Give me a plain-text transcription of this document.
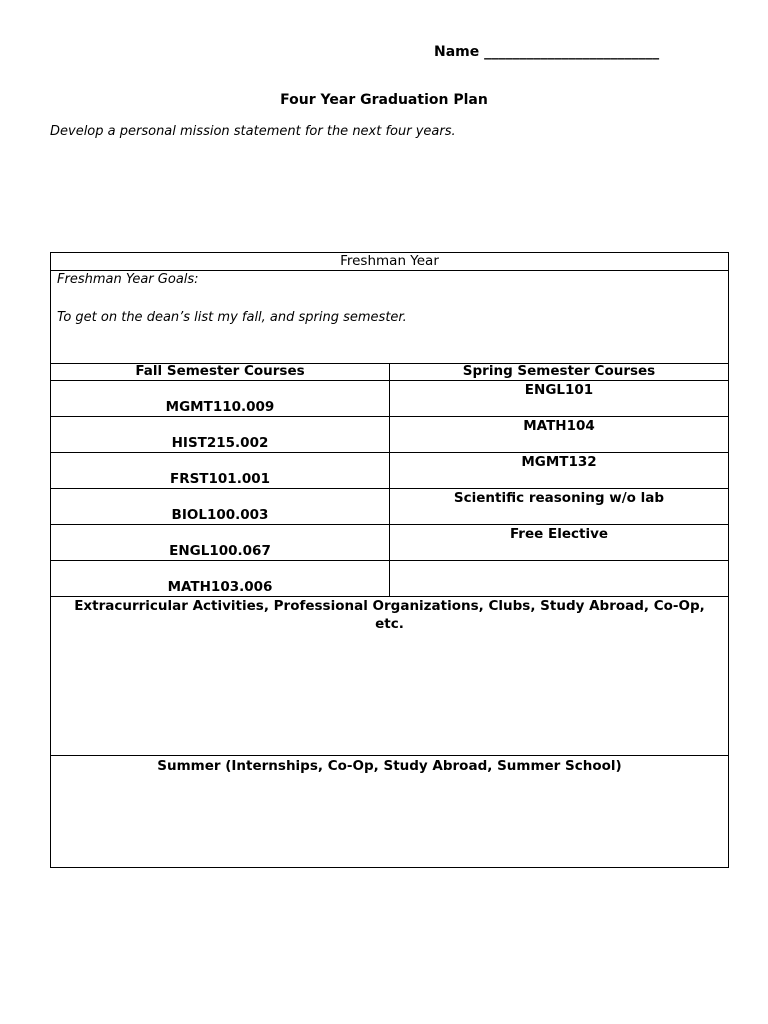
Name _________________________
Four Year Graduation Plan
Develop a personal mission statement for the next four years.
Freshman Year	

Freshman Year Goals:
To get on the dean’s list my fall, and spring semester.	

Fall Semester Courses	Spring Semester Courses

MGMT110.009	ENGL101

HIST215.002	MATH104

FRST101.001	MGMT132

BIOL100.003	Scientific reasoning w/o lab

ENGL100.067	Free Elective

MATH103.006	

Extracurricular Activities, Professional Organizations, Clubs, Study Abroad, Co-Op, etc.	

Summer (Internships, Co-Op, Study Abroad, Summer School)	
